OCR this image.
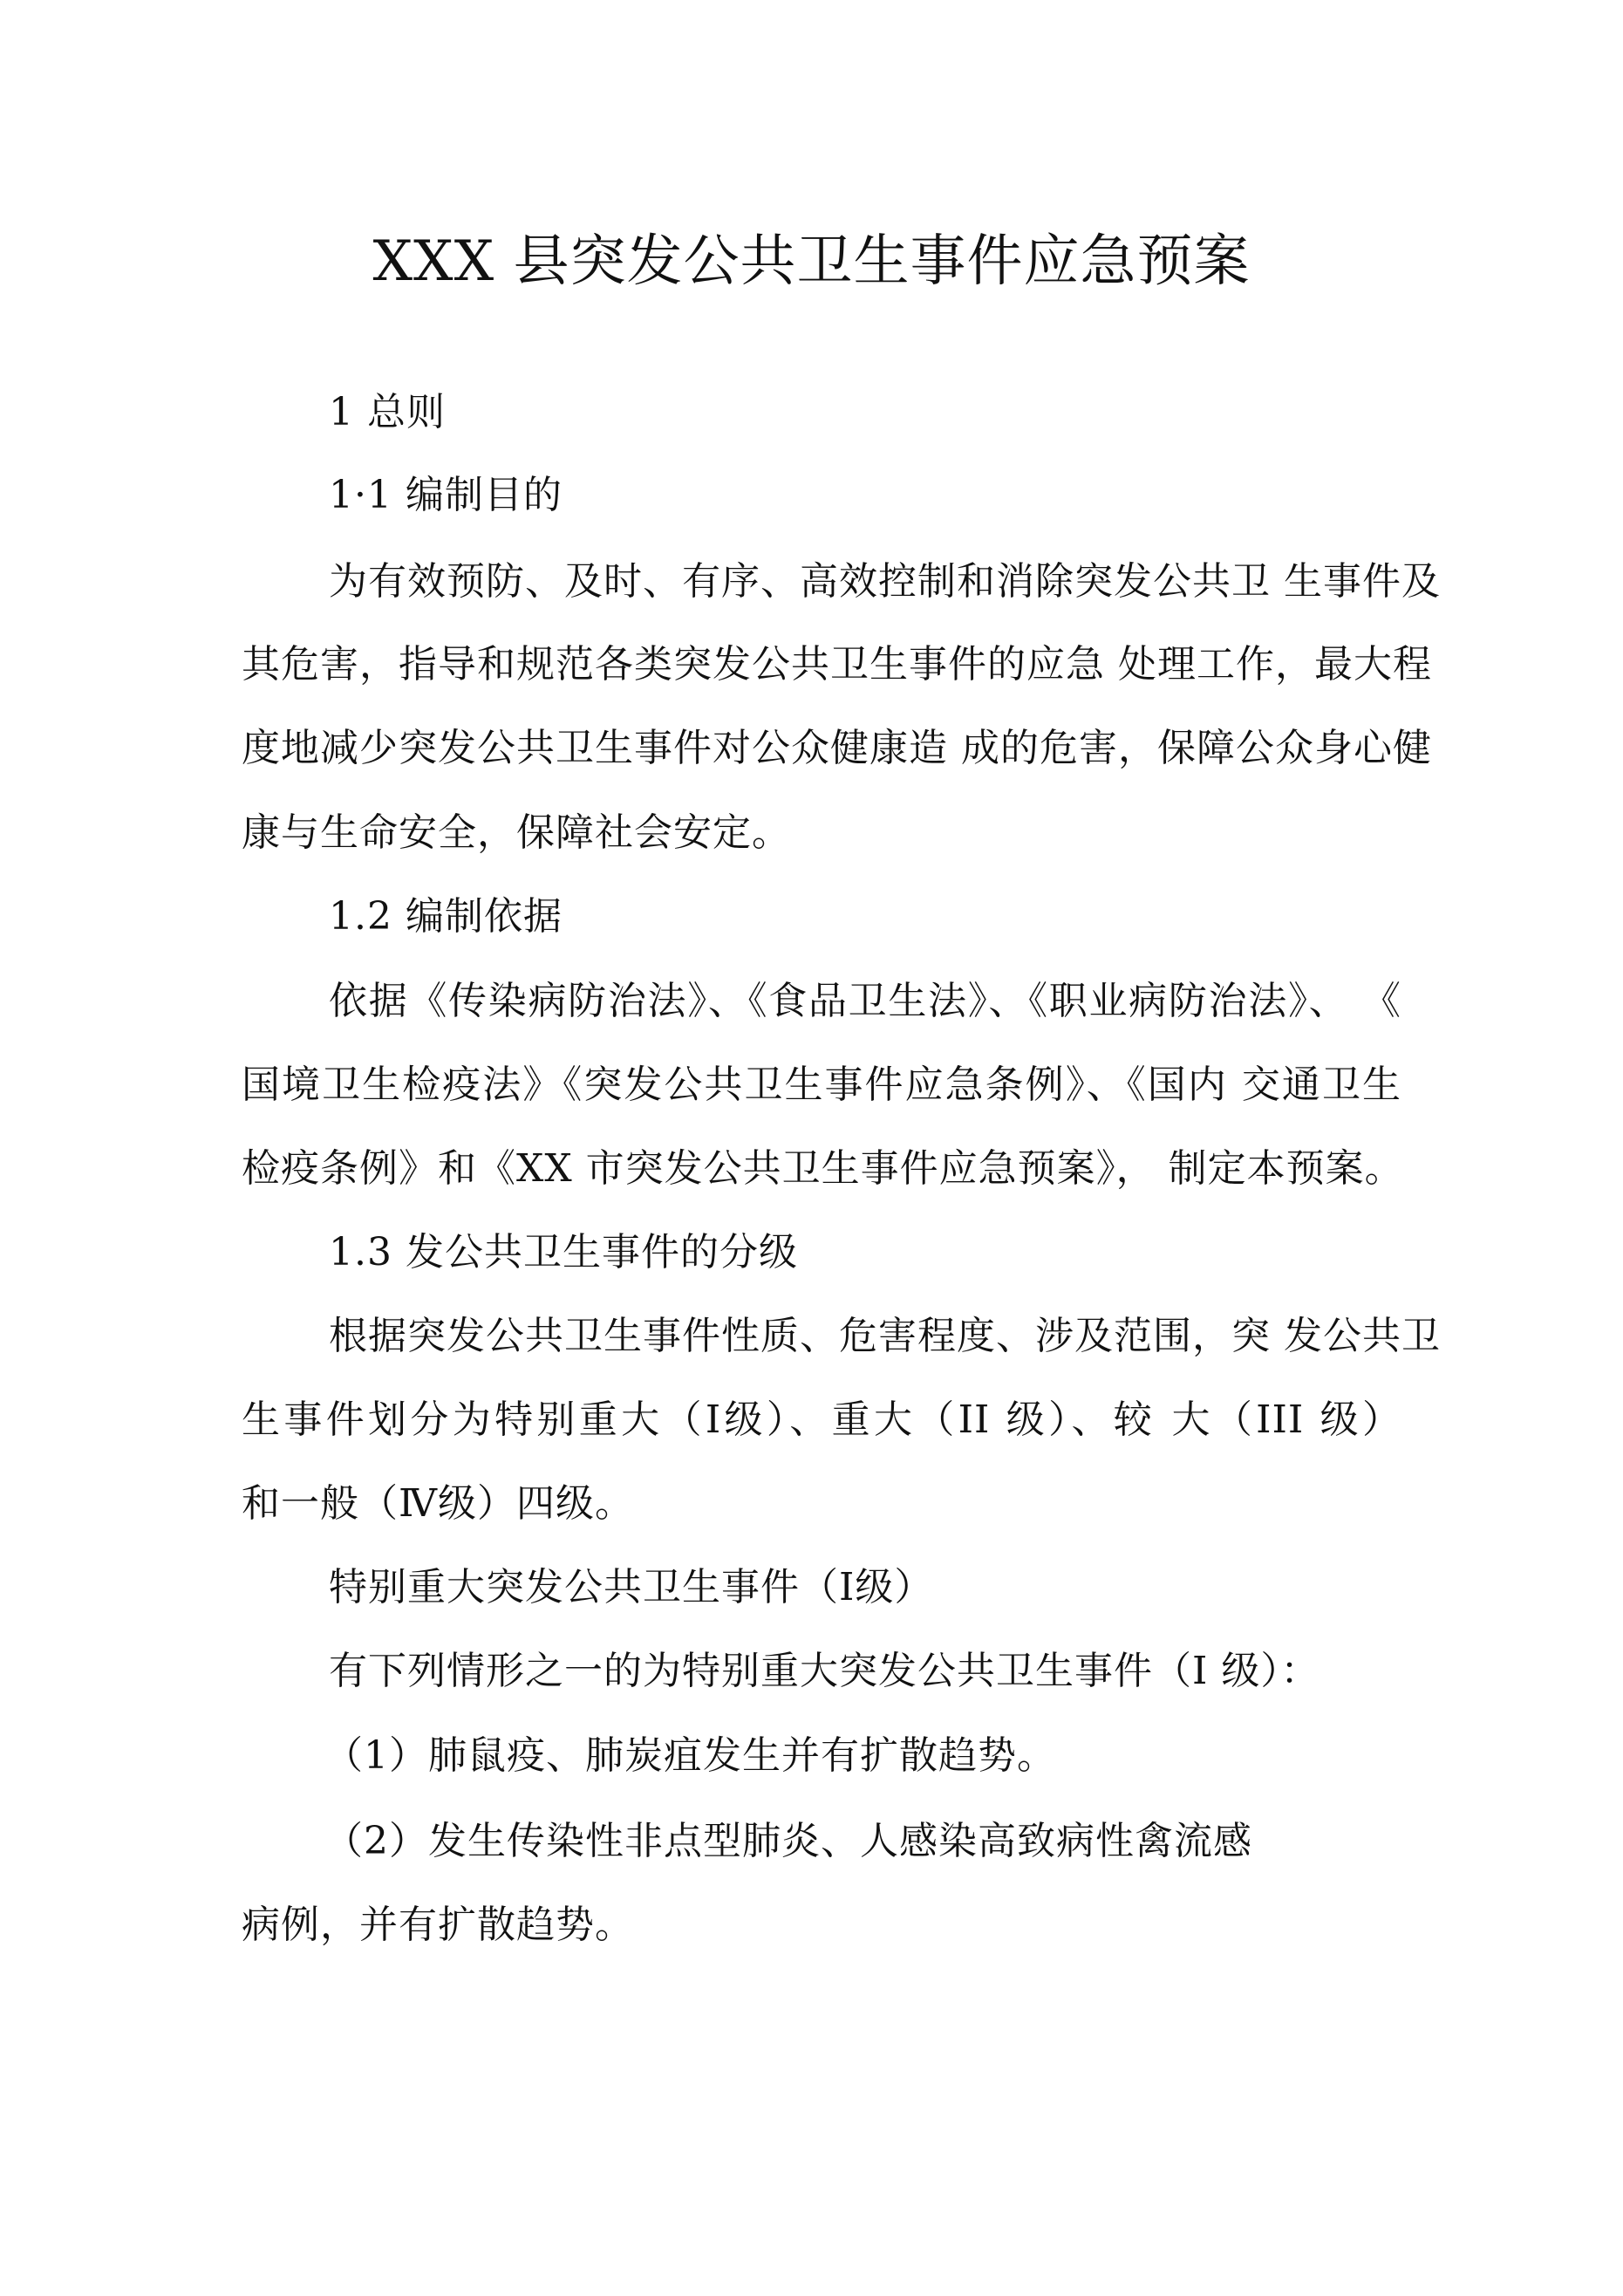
XXX 县突发公共卫生事件应急预案

1 总则

1·1 编制目的

为有效预防、及时、有序、高效控制和消除突发公共卫 生事件及

其危害，指导和规范各类突发公共卫生事件的应急 处理工作，最大程

度地减少突发公共卫生事件对公众健康造 成的危害，保障公众身心健

康与生命安全，保障社会安定。

1.2 编制依据

依据《传染病防治法》、《食品卫生法》、《职业病防治法》、 《

国境卫生检疫法》《突发公共卫生事件应急条例》、《国内 交通卫生

检疫条例》和《XX 市突发公共卫生事件应急预案》， 制定本预案。

1.3 发公共卫生事件的分级

根据突发公共卫生事件性质、危害程度、涉及范围，突 发公共卫

生事件划分为特别重大（Ⅰ级）、重大（II 级）、较 大（III 级）

和一般（Ⅳ级）四级。

特别重大突发公共卫生事件（Ⅰ级）

有下列情形之一的为特别重大突发公共卫生事件（Ⅰ 级）：

（1）肺鼠疫、肺炭疽发生并有扩散趋势。

（2）发生传染性非点型肺炎、人感染高致病性禽流感

病例，并有扩散趋势。
